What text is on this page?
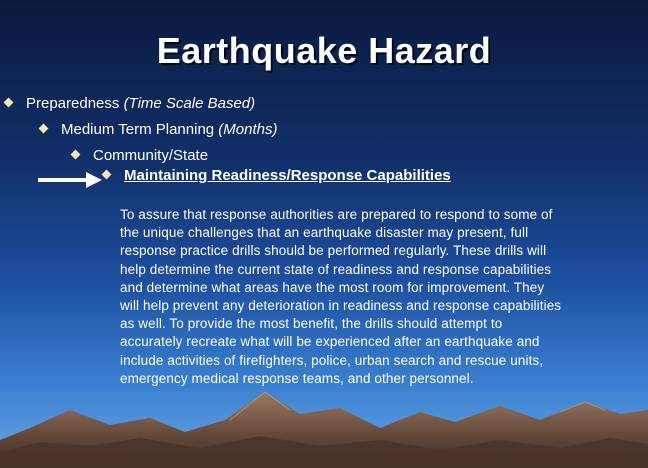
Earthquake Hazard
Preparedness (Time Scale Based)
Medium Term Planning (Months)
Community/State
Maintaining Readiness/Response Capabilities
To assure that response authorities are prepared to respond to some of
the unique challenges that an earthquake disaster may present, full
response practice drills should be performed regularly. These drills will
help determine the current state of readiness and response capabilities
and determine what areas have the most room for improvement. They
will help prevent any deterioration in readiness and response capabilities
as well. To provide the most benefit, the drills should attempt to
accurately recreate what will be experienced after an earthquake and
include activities of firefighters, police, urban search and rescue units,
emergency medical response teams, and other personnel.
